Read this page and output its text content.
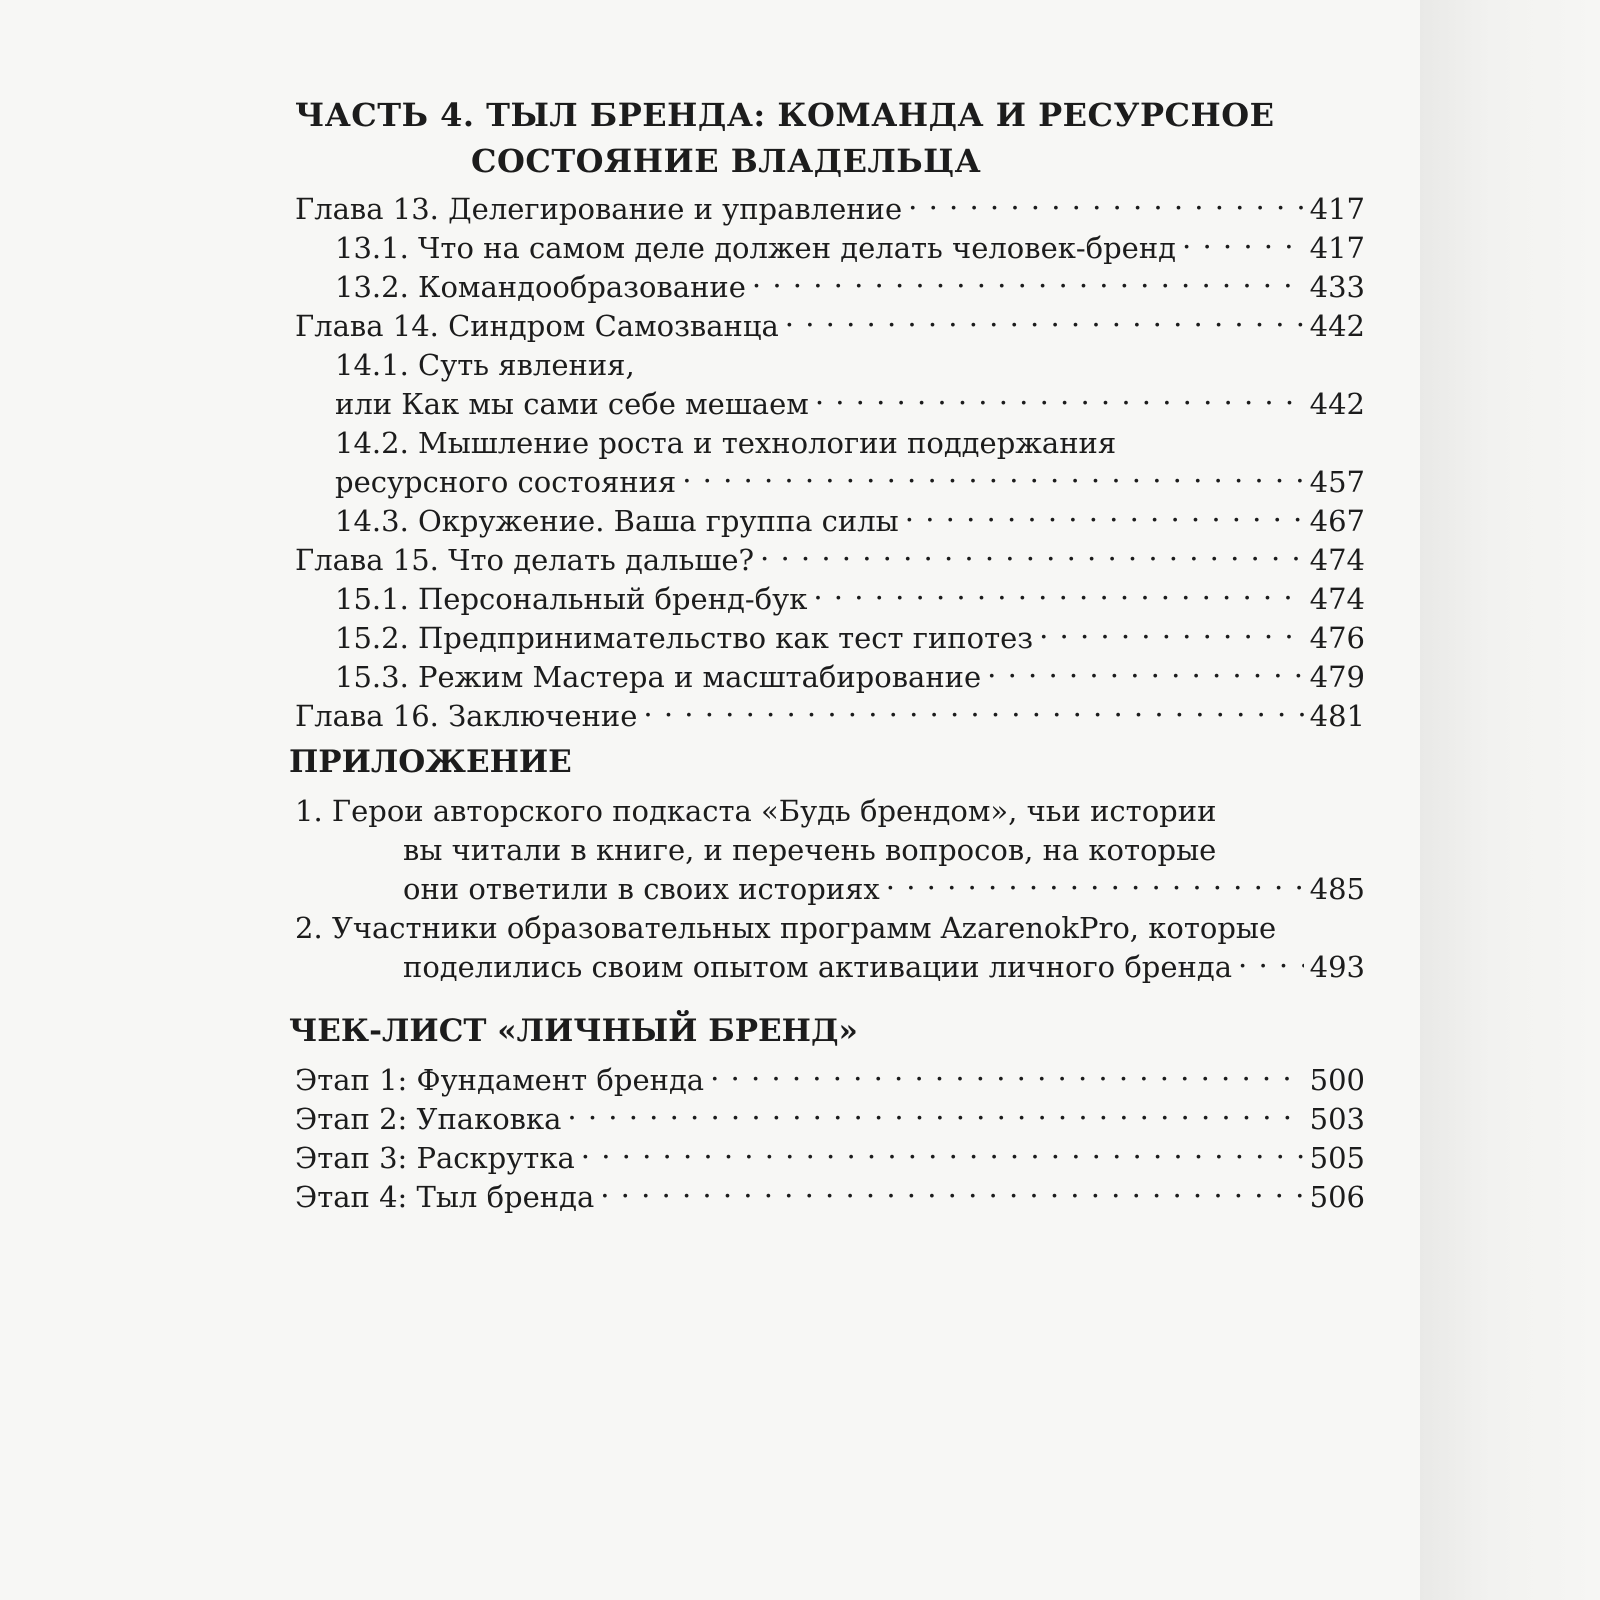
ЧАСТЬ 4. ТЫЛ БРЕНДА: КОМАНДА И РЕСУРСНОЕ
СОСТОЯНИЕ ВЛАДЕЛЬЦА
Глава 13. Делегирование и управление . . .	417
13.1. Что на самом деле должен делать человек-бренд . . .	417
13.2. Командообразование . . .	433
Глава 14. Синдром Самозванца . . .	442
14.1. Суть явления,
или Как мы сами себе мешаем . . .	442
14.2. Мышление роста и технологии поддержания
ресурсного состояния . . .	457
14.3. Окружение. Ваша группа силы . . .	467
Глава 15. Что делать дальше? . . .	474
15.1. Персональный бренд-бук . . .	474
15.2. Предпринимательство как тест гипотез . . .	476
15.3. Режим Мастера и масштабирование . . .	479
Глава 16. Заключение . . .	481
ПРИЛОЖЕНИЕ
1. Герои авторского подкаста «Будь брендом», чьи истории
вы читали в книге, и перечень вопросов, на которые
они ответили в своих историях . . .	485
2. Участники образовательных программ AzarenokPro, которые
поделились своим опытом активации личного бренда . . .	493
ЧЕК-ЛИСТ «ЛИЧНЫЙ БРЕНД»
Этап 1: Фундамент бренда . . .	500
Этап 2: Упаковка . . .	503
Этап 3: Раскрутка . . .	505
Этап 4: Тыл бренда . . .	506
